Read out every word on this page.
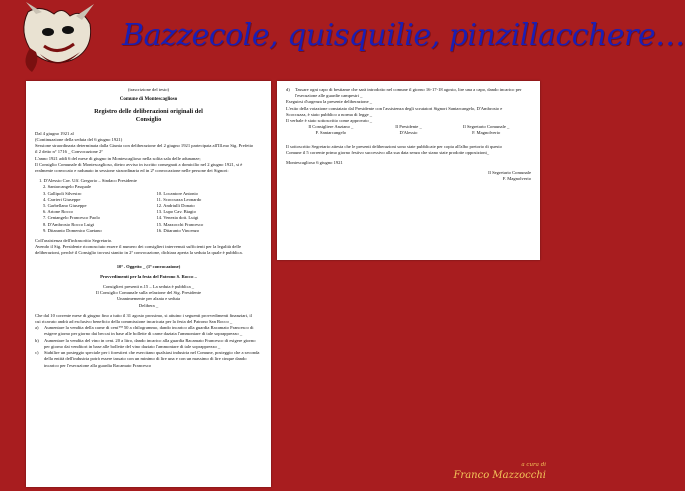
Bazzecole, quisquilie, pinzillacchere…

(trascrizione del testo)

Comune di Montescaglioso

Registro delle deliberazioni originali del

Consiglio

Dal 4 giugno 1921 al

(Continuazione della seduta del 6 giugno 1921)

Sessione straordinaria determinata dalla Giunta con deliberazione del 2 giugno 1921 partecipata all'Ill.mo Sig. Prefetto

il 2 detto n° 1716 _ Convocazione 2ª

L'anno 1921 addì 6 del mese di giugno in Montescaglioso nella solita sala delle adunanze;

Il Consiglio Comunale di Montescaglioso, dietro avviso in iscritto consegnati a domicilio nel 2 giugno 1921, si è

realmente convocato e radunato in sessione straordinaria ed in 2ª convocazione nelle persone dei Signori:

1. D'Alessio Cav. Uff. Gregorio – Sindaco Presidente

2. Santarcangelo Pasquale

3. Gallipoli Silvestro

4. Carrieri Giuseppe

5. Garbellano Giuseppe

6. Artone Rocco

7. Centangelo Francesco Paolo

8. D'Ambrosio Rocco Luigi

9. Ditaranto Domenico Gaetano

10. Locantore Antonio

11. Scoccuzza Leonardo

12. Andriulli Donato

13. Lupo Cav. Biagio

14. Venezia dott. Luigi

15. Mazzocchi Francesco

16. Ditaranto Vincenzo

Coll'assistenza dell'infrascritto Segretario.

Avendo il Sig. Presidente riconosciuto essere il numero dei consiglieri intervenuti sufficienti per la legalità delle

deliberazioni, perché il Consiglio trovasi stanito in 2ª convocazione, dichiara aperta la seduta la quale è pubblica.

10ª . Oggetto _ (1ª convocazione)

Provvedimenti per la festa del Patrono S. Rocco –

Consiglieri presenti n.15 – La seduta è pubblica _

Il Consiglio Comunale sulla relazione del Sig. Presidente

Unanimemente per alzata e seduta

Delibera _

Che dal 10 corrente mese di giugno fino a tutto il 31 agosto prossimo, si attuino i seguenti provvedimenti finanziari, il

cui ricavato andrà ad esclusivo beneficio della commissione incaricata per la festa del Patrono San Rocco _

a)	Aumentare la vendita della carne di cent™ 50 a chilogrammo, dando incarico alla guardia Racamato Francesco di esigere giorno per giorno dai beccai in base alle bollette di carne daziata l'ammontare di tale soprapprezzo _
b)	Aumentare la vendita del vino in cent. 20 a litro, dando incarico alla guardia Racamato Francesco di esigere giorno per giorno dai venditori in base alle bollette del vino daziato l'ammontare di tale soprapprezzo _
c)	Stabilire un posteggio speciale per i forestieri che esercitano qualsiasi industria nel Comune, posteggio che a seconda della entità dell'industria potrà essere tassato con un minimo di lire una e con un massimo di lire cinque dando incarico per l'esecuzione alla guardia Racamato Francesco
d)	Tassare ogni capo di bestiame che sarà introdotto nel comune il giorno 16-17-18 agosto, lire una a capo, dando incarico per l'esecuzione alle guardie campestri _

Eseguirsi d'urgenza la presente deliberazione _

L'esito della votazione constatato dal Presidente con l'assistenza degli scrutatori Signori Santarcangelo, D'Ambrosio e

Scoccuzza, è stato pubblico a norma di legge _

Il verbale è stato sottoscritto come approvato _

Il Consigliere Anziano _	Il Presidente _	Il Segretario Comunale _
F. Santarcangelo	D'Alessio	F. Magnolverio

Il sottoscritto Segretario attesta che le presenti deliberazioni sono state pubblicate per copia all'albo pretorio di questo

Comune il 5 corrente primo giorno festivo successivo alla sua data senza che siano state prodotte opposizioni_

Montescaglioso 6 giugno 1921

Il Segretario Comunale

F. Magnolverio

a cura di
Franco Mazzocchi
